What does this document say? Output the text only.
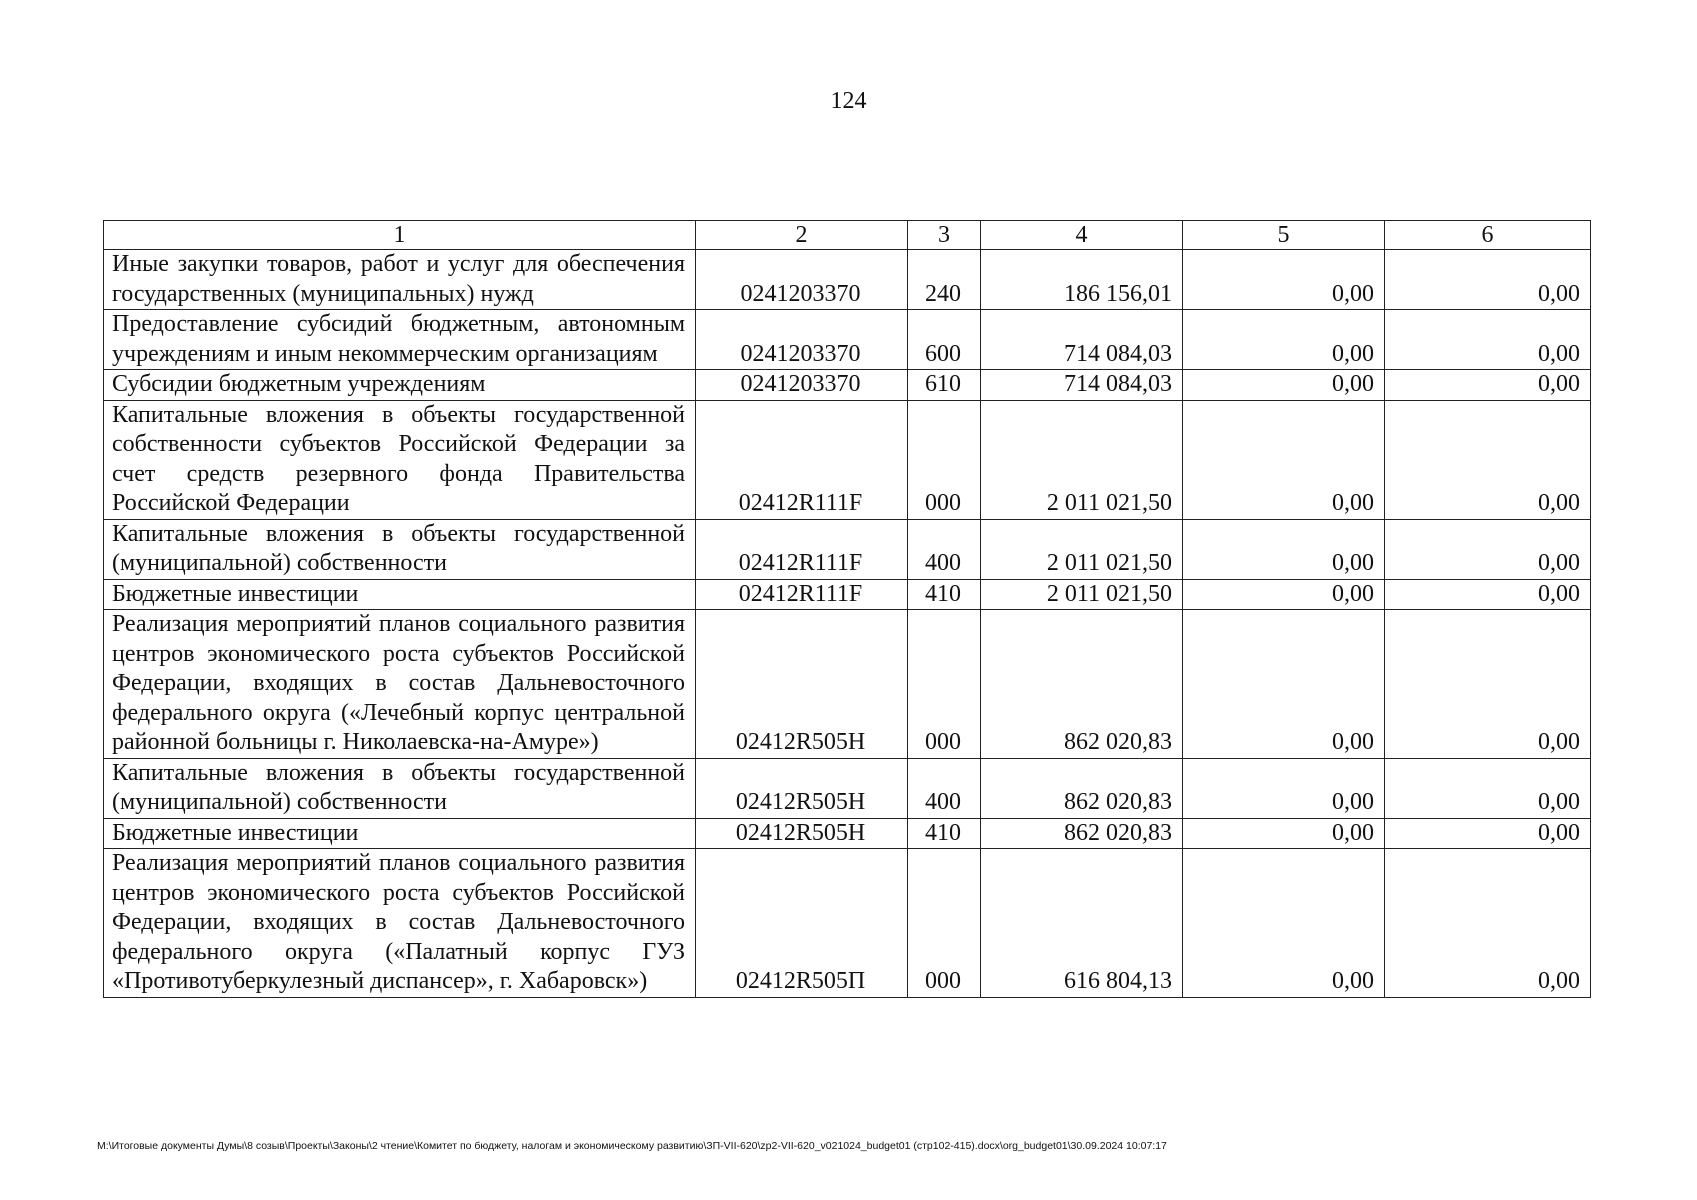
124
1	2	3	4	5	6
Иные закупки товаров, работ и услуг для обеспечения государственных (муниципальных) нужд	0241203370	240	186 156,01	0,00	0,00
Предоставление субсидий бюджетным, автономным учреждениям и иным некоммерческим организациям	0241203370	600	714 084,03	0,00	0,00
Субсидии бюджетным учреждениям	0241203370	610	714 084,03	0,00	0,00
Капитальные вложения в объекты государственной собственности субъектов Российской Федерации за счет средств резервного фонда Правительства Российской Федерации	02412R111F	000	2 011 021,50	0,00	0,00
Капитальные вложения в объекты государственной (муниципальной) собственности	02412R111F	400	2 011 021,50	0,00	0,00
Бюджетные инвестиции	02412R111F	410	2 011 021,50	0,00	0,00
Реализация мероприятий планов социального развития центров экономического роста субъектов Российской Федерации, входящих в состав Дальневосточного федерального округа («Лечебный корпус центральной районной больницы г. Николаевска-на-Амуре»)	02412R505H	000	862 020,83	0,00	0,00
Капитальные вложения в объекты государственной (муниципальной) собственности	02412R505H	400	862 020,83	0,00	0,00
Бюджетные инвестиции	02412R505H	410	862 020,83	0,00	0,00
Реализация мероприятий планов социального развития центров экономического роста субъектов Российской Федерации, входящих в состав Дальневосточного федерального округа («Палатный корпус ГУЗ «Противотуберкулезный диспансер», г. Хабаровск»)	02412R505П	000	616 804,13	0,00	0,00
M:\Итоговые документы Думы\8 созыв\Проекты\Законы\2 чтение\Комитет по бюджету, налогам и экономическому развитию\ЗП-VII-620\zp2-VII-620_v021024_budget01 (стр102-415).docx\org_budget01\30.09.2024 10:07:17
